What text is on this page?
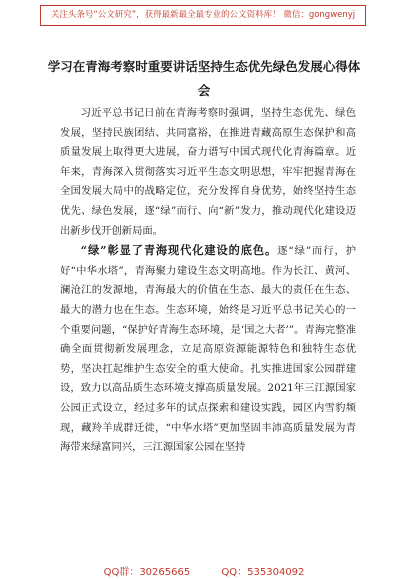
关注头条号“公文研究”，获得最新最全最专业的公文资料库！ 微信：gongwenyj
学习在青海考察时重要讲话坚持生态优先绿色发展心得体
会

习近平总书记日前在青海考察时强调，坚持生态优先、绿色发展，坚持民族团结、共同富裕，在推进青藏高原生态保护和高质量发展上取得更大进展，奋力谱写中国式现代化青海篇章。近年来，青海深入贯彻落实习近平生态文明思想，牢牢把握青海在全国发展大局中的战略定位，充分发挥自身优势，始终坚持生态优先、绿色发展，逐“绿”而行、向“新”发力，推动现代化建设迈出新步伐开创新局面。

“绿”彰显了青海现代化建设的底色。逐“绿”而行，护好“中华水塔”，青海聚力建设生态文明高地。作为长江、黄河、澜沧江的发源地，青海最大的价值在生态、最大的责任在生态、最大的潜力也在生态。生态环境，始终是习近平总书记关心的一个重要问题，“保护好青海生态环境，是‘国之大者’”。青海完整准确全面贯彻新发展理念，立足高原资源能源特色和独特生态优势，坚决扛起维护生态安全的重大使命。扎实推进国家公园群建设，致力以高品质生态环境支撑高质量发展。2021年三江源国家公园正式设立，经过多年的试点探索和建设实践，园区内雪豹频现，藏羚羊成群迁徙，“中华水塔”更加坚固丰沛高质量发展为青海带来绿富同兴，三江源国家公园在坚持

QQ群：30265665	QQ：535304092
